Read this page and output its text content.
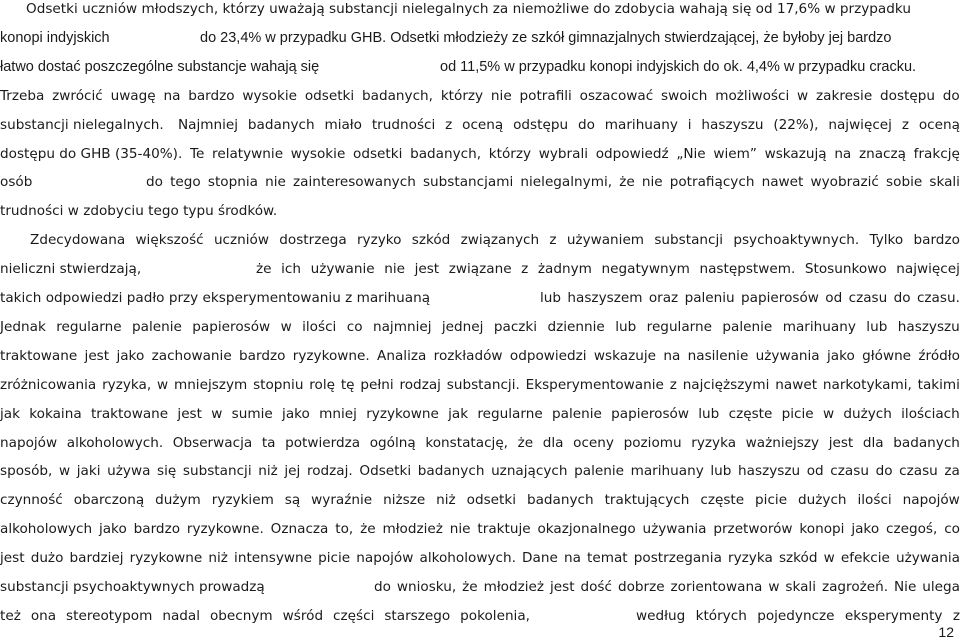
Odsetki uczniów młodszych, którzy uważają substancji nielegalnych za niemożliwe do zdobycia wahają się od 17,6% w przypadku
konopi indyjskich	do 23,4% w przypadku GHB. Odsetki młodzieży ze szkół gimnazjalnych stwierdzającej, że byłoby jej bardzo
łatwo dostać poszczególne substancje wahają się	od 11,5% w przypadku konopi indyjskich do ok. 4,4% w przypadku cracku.
Trzeba zwrócić uwagę na bardzo wysokie odsetki badanych, którzy nie potrafili oszacować swoich możliwości w zakresie dostępu do
substancji nielegalnych. Najmniej badanych miało trudności z oceną odstępu do marihuany i haszyszu (22%), najwięcej z oceną
dostępu do GHB (35-40%). Te relatywnie wysokie odsetki badanych, którzy wybrali odpowiedź „Nie wiem” wskazują na znaczą frakcję
osób	do tego stopnia nie zainteresowanych substancjami nielegalnymi, że nie potrafiących nawet wyobrazić sobie skali
trudności w zdobyciu tego typu środków.
Zdecydowana większość uczniów dostrzega ryzyko szkód związanych z używaniem substancji psychoaktywnych. Tylko bardzo
nieliczni stwierdzają,	że ich używanie nie jest związane z żadnym negatywnym następstwem. Stosunkowo najwięcej
takich odpowiedzi padło przy eksperymentowaniu z marihuaną	lub haszyszem oraz paleniu papierosów od czasu do czasu.
Jednak regularne palenie papierosów w ilości co najmniej jednej paczki dziennie lub regularne palenie marihuany lub haszyszu
traktowane jest jako zachowanie bardzo ryzykowne. Analiza rozkładów odpowiedzi wskazuje na nasilenie używania jako główne źródło
zróżnicowania ryzyka, w mniejszym stopniu rolę tę pełni rodzaj substancji. Eksperymentowanie z najcięższymi nawet narkotykami, takimi
jak kokaina traktowane jest w sumie jako mniej ryzykowne jak regularne palenie papierosów lub częste picie w dużych ilościach
napojów alkoholowych. Obserwacja ta potwierdza ogólną konstatację, że dla oceny poziomu ryzyka ważniejszy jest dla badanych
sposób, w jaki używa się substancji niż jej rodzaj. Odsetki badanych uznających palenie marihuany lub haszyszu od czasu do czasu za
czynność obarczoną dużym ryzykiem są wyraźnie niższe niż odsetki badanych traktujących częste picie dużych ilości napojów
alkoholowych jako bardzo ryzykowne. Oznacza to, że młodzież nie traktuje okazjonalnego używania przetworów konopi jako czegoś, co
jest dużo bardziej ryzykowne niż intensywne picie napojów alkoholowych. Dane na temat postrzegania ryzyka szkód w efekcie używania
substancji psychoaktywnych prowadzą	do wniosku, że młodzież jest dość dobrze zorientowana w skali zagrożeń. Nie ulega
też ona stereotypom nadal obecnym wśród części starszego pokolenia,	według których pojedyncze eksperymenty z
12
